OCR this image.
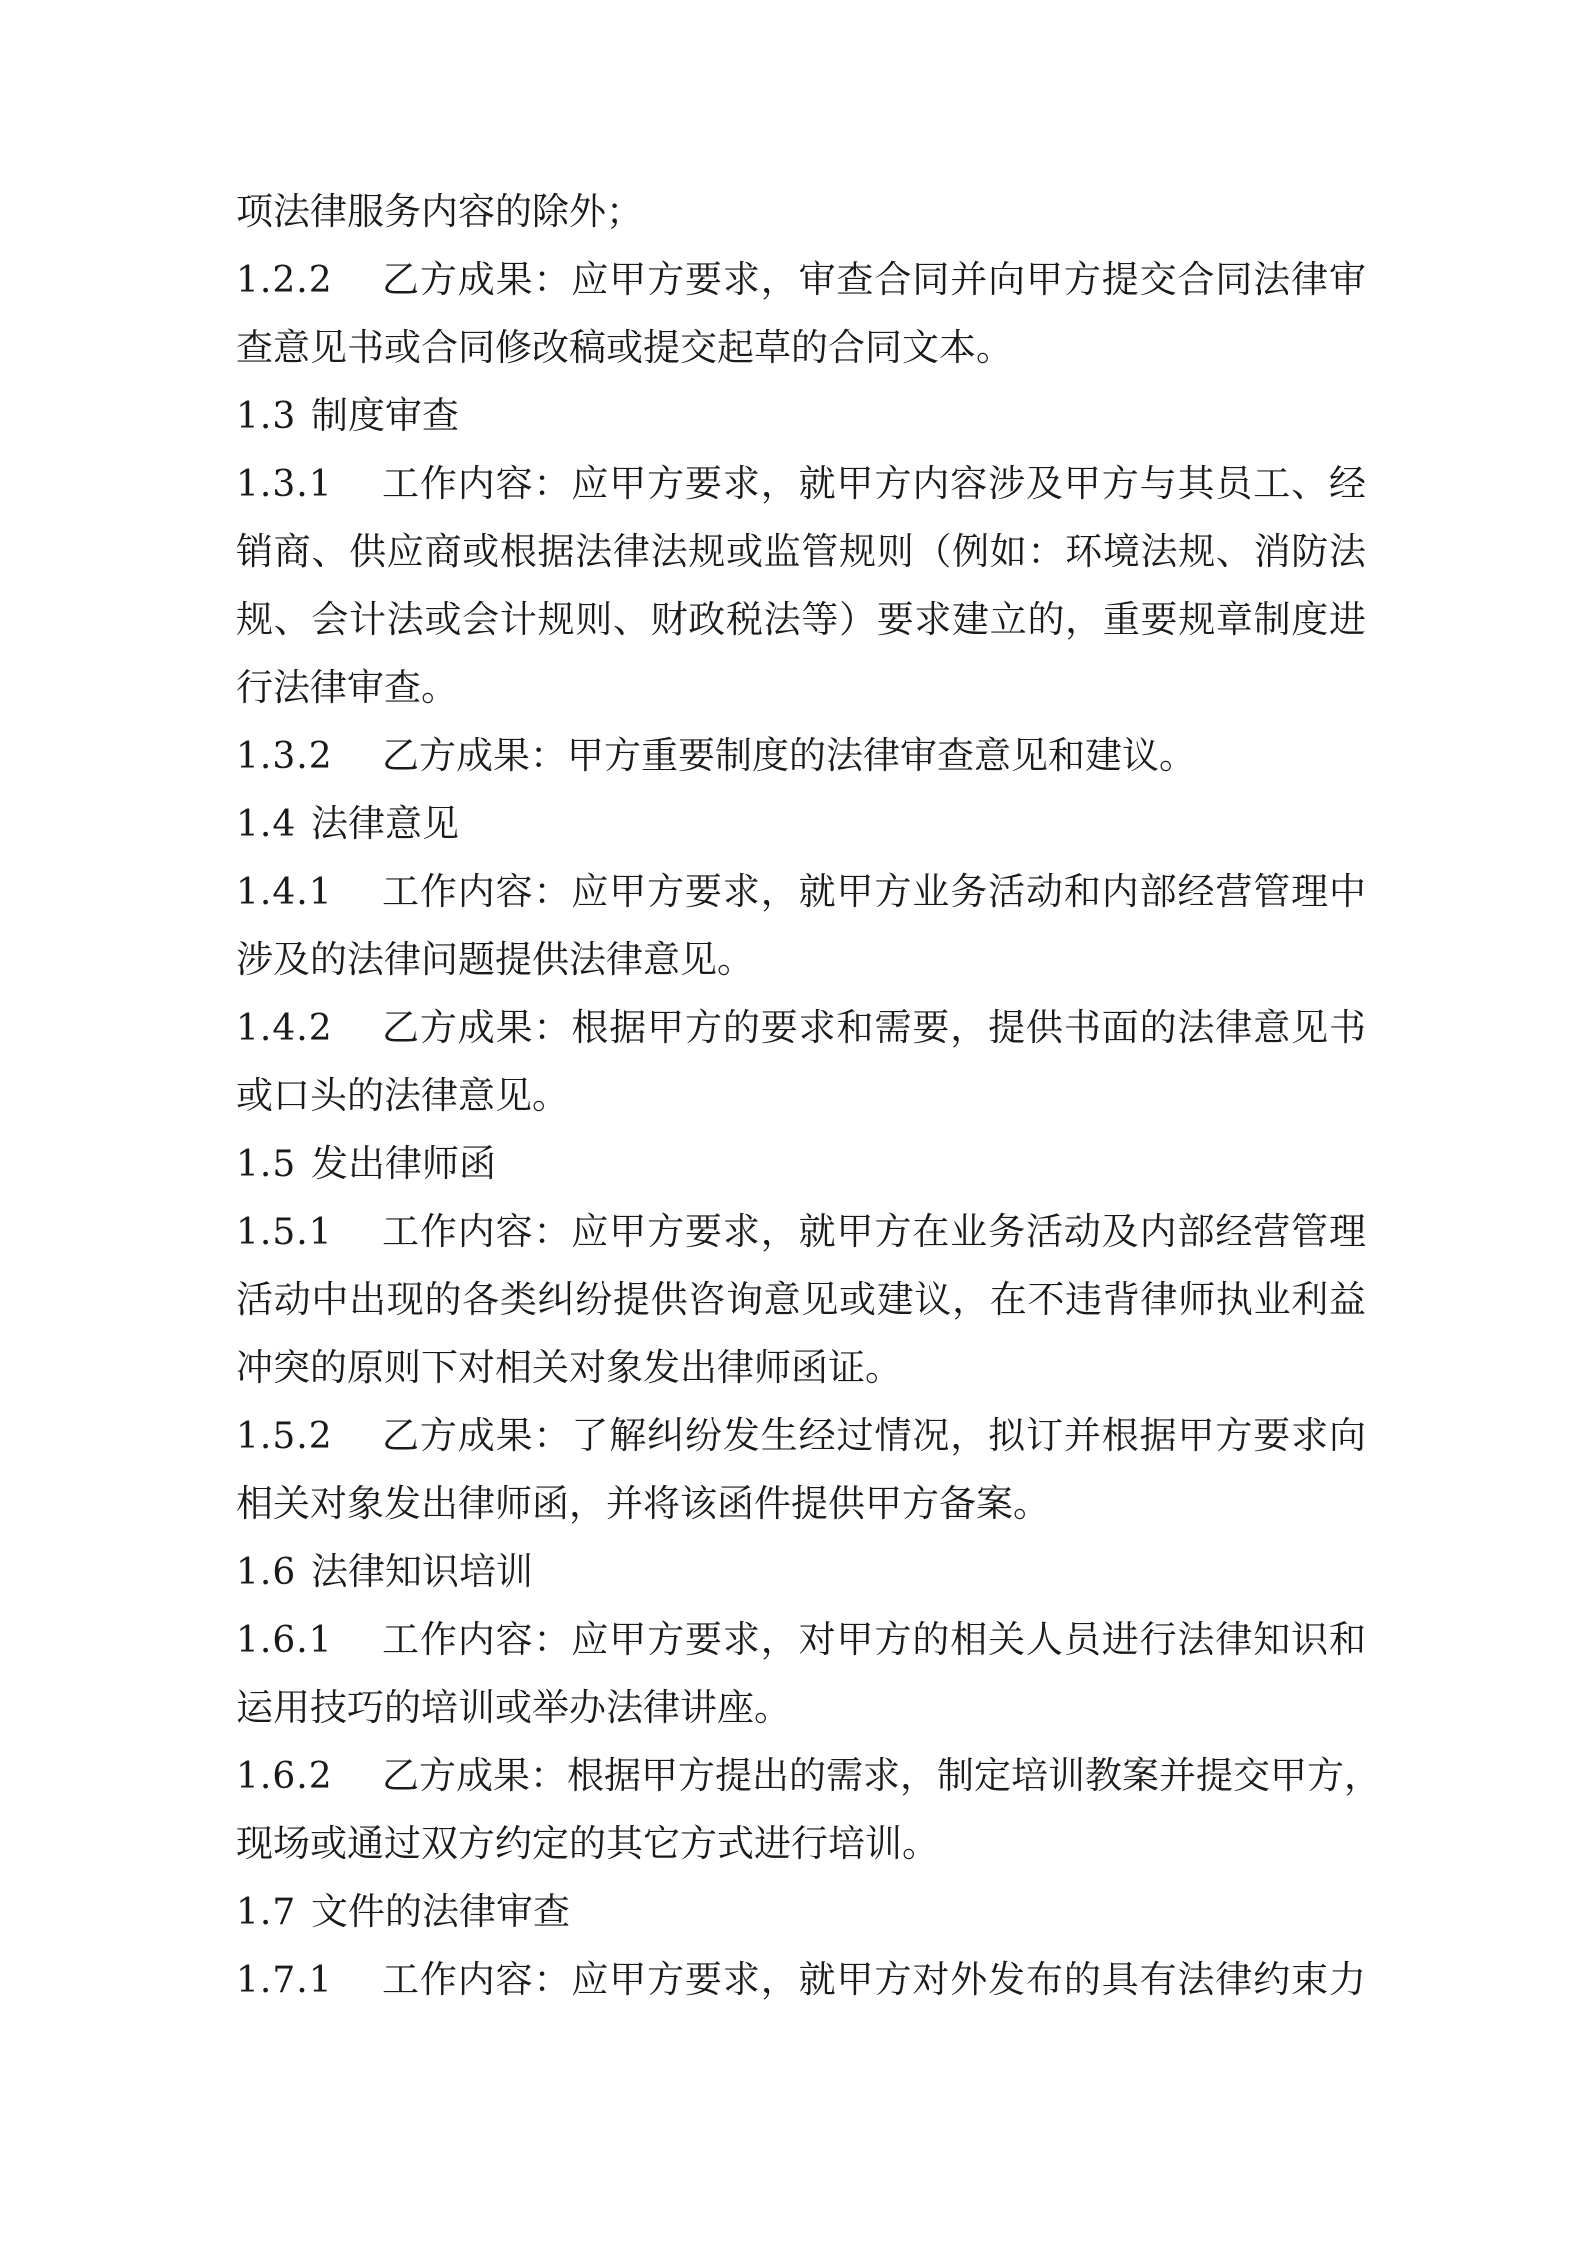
项法律服务内容的除外；
1.2.2 乙方成果：应甲方要求，审查合同并向甲方提交合同法律审
查意见书或合同修改稿或提交起草的合同文本。
1.3 制度审查
1.3.1 工作内容：应甲方要求，就甲方内容涉及甲方与其员工、经
销商、供应商或根据法律法规或监管规则（例如：环境法规、消防法
规、会计法或会计规则、财政税法等）要求建立的，重要规章制度进
行法律审查。
1.3.2 乙方成果：甲方重要制度的法律审查意见和建议。
1.4 法律意见
1.4.1 工作内容：应甲方要求，就甲方业务活动和内部经营管理中
涉及的法律问题提供法律意见。
1.4.2 乙方成果：根据甲方的要求和需要，提供书面的法律意见书
或口头的法律意见。
1.5 发出律师函
1.5.1 工作内容：应甲方要求，就甲方在业务活动及内部经营管理
活动中出现的各类纠纷提供咨询意见或建议，在不违背律师执业利益
冲突的原则下对相关对象发出律师函证。
1.5.2 乙方成果：了解纠纷发生经过情况，拟订并根据甲方要求向
相关对象发出律师函，并将该函件提供甲方备案。
1.6 法律知识培训
1.6.1 工作内容：应甲方要求，对甲方的相关人员进行法律知识和
运用技巧的培训或举办法律讲座。
1.6.2 乙方成果：根据甲方提出的需求，制定培训教案并提交甲方，
现场或通过双方约定的其它方式进行培训。
1.7 文件的法律审查
1.7.1 工作内容：应甲方要求，就甲方对外发布的具有法律约束力
